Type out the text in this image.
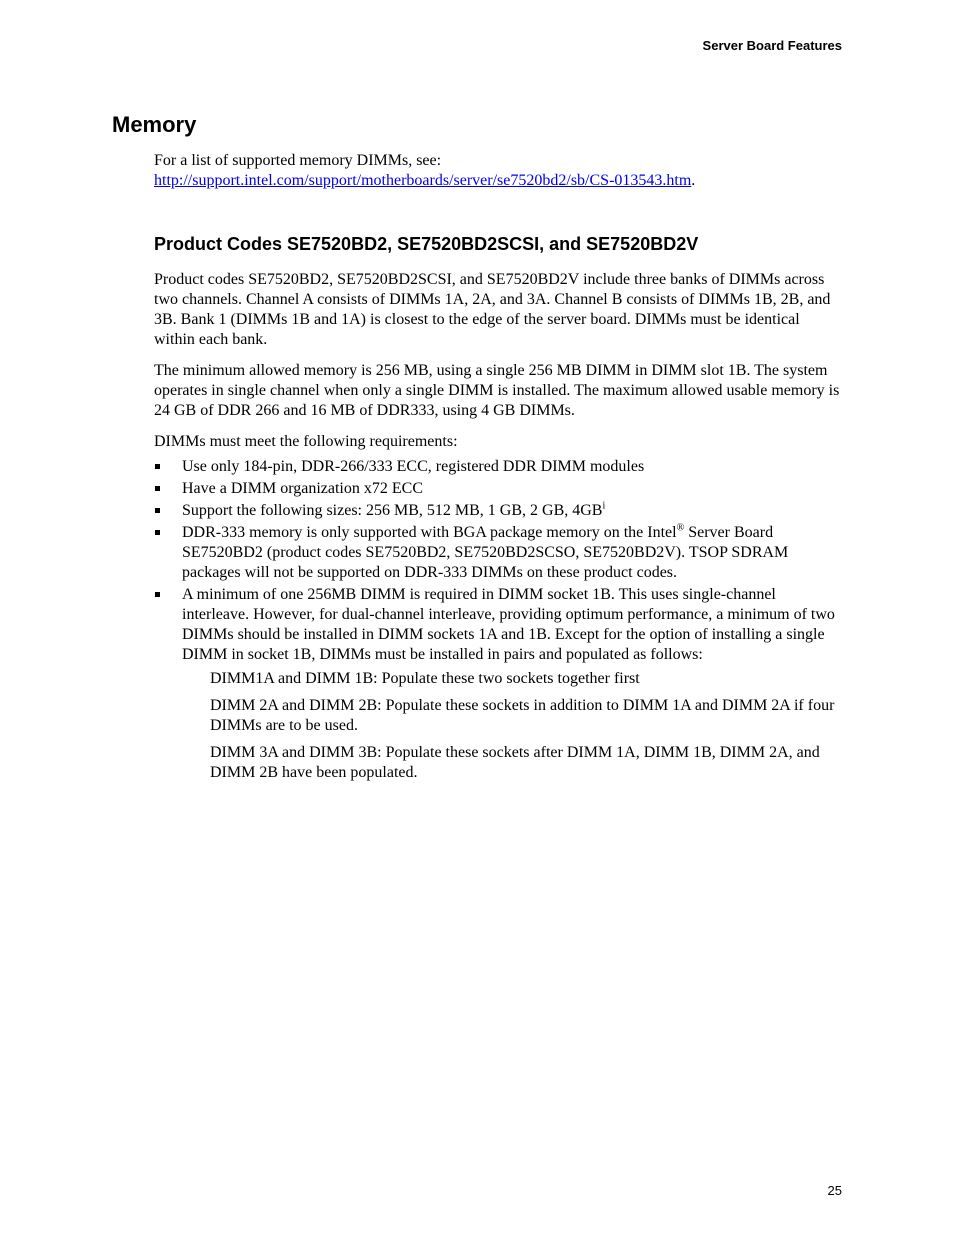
Server Board Features
Memory
For a list of supported memory DIMMs, see:
http://support.intel.com/support/motherboards/server/se7520bd2/sb/CS-013543.htm.
Product Codes SE7520BD2, SE7520BD2SCSI, and SE7520BD2V

Product codes SE7520BD2, SE7520BD2SCSI, and SE7520BD2V include three banks of DIMMs across two channels. Channel A consists of DIMMs 1A, 2A, and 3A. Channel B consists of DIMMs 1B, 2B, and 3B. Bank 1 (DIMMs 1B and 1A) is closest to the edge of the server board. DIMMs must be identical within each bank.

The minimum allowed memory is 256 MB, using a single 256 MB DIMM in DIMM slot 1B. The system operates in single channel when only a single DIMM is installed. The maximum allowed usable memory is 24 GB of DDR 266 and 16 MB of DDR333, using 4 GB DIMMs.

DIMMs must meet the following requirements:

Use only 184-pin, DDR-266/333 ECC, registered DDR DIMM modules
Have a DIMM organization x72 ECC
Support the following sizes: 256 MB, 512 MB, 1 GB, 2 GB, $4GB^i$
DDR-333 memory is only supported with BGA package memory on the Intel® Server Board SE7520BD2 (product codes SE7520BD2, SE7520BD2SCSO, SE7520BD2V). TSOP SDRAM packages will not be supported on DDR-333 DIMMs on these product codes.
A minimum of one 256MB DIMM is required in DIMM socket 1B. This uses single-channel interleave. However, for dual-channel interleave, providing optimum performance, a minimum of two DIMMs should be installed in DIMM sockets 1A and 1B. Except for the option of installing a single DIMM in socket 1B, DIMMs must be installed in pairs and populated as follows:

DIMM1A and DIMM 1B: Populate these two sockets together first

DIMM 2A and DIMM 2B: Populate these sockets in addition to DIMM 1A and DIMM 2A if four DIMMs are to be used.

DIMM 3A and DIMM 3B: Populate these sockets after DIMM 1A, DIMM 1B, DIMM 2A, and DIMM 2B have been populated.

25
